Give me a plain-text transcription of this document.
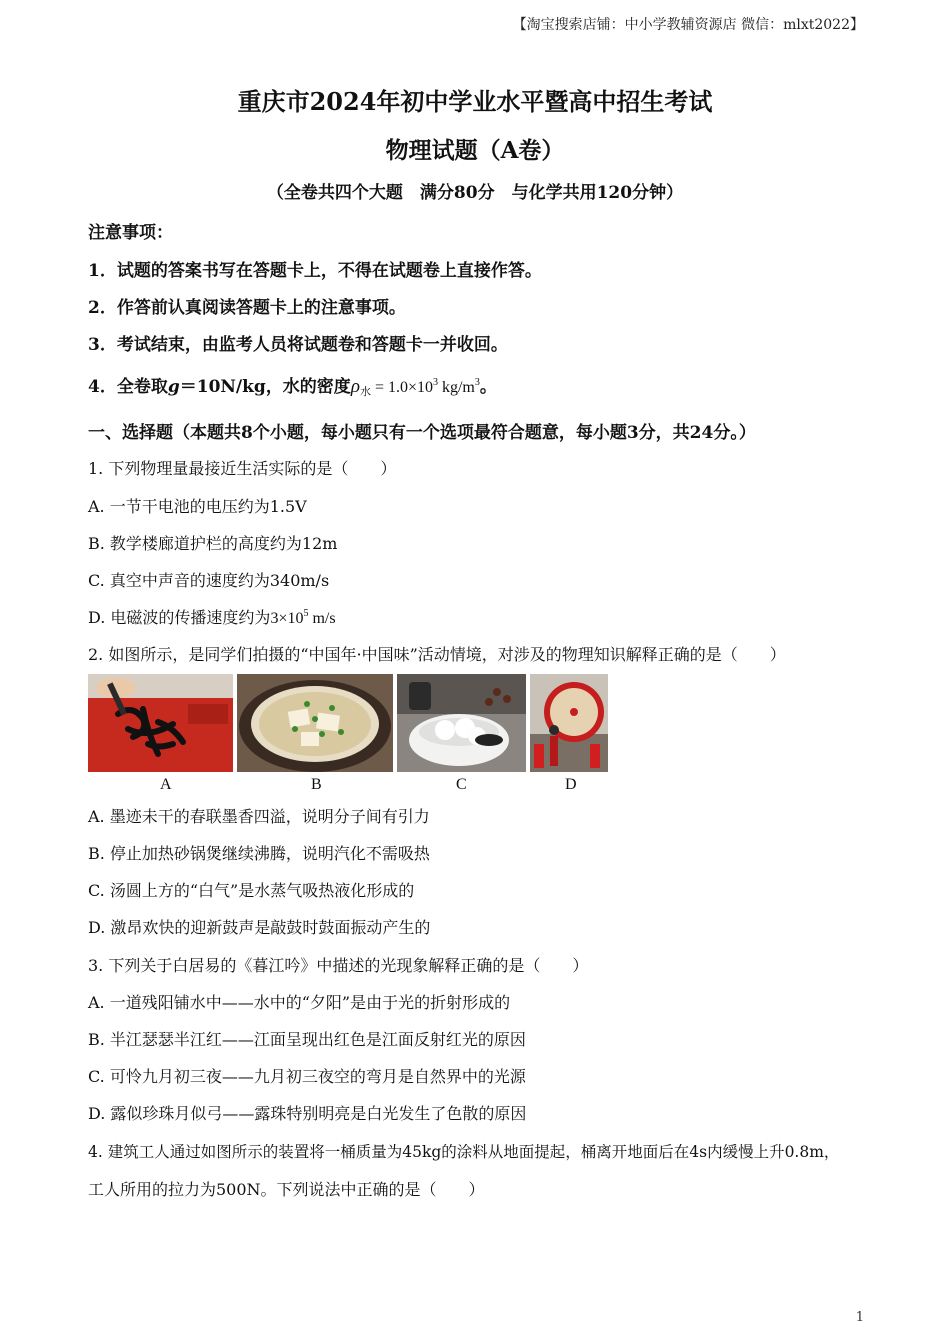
【淘宝搜索店铺：中小学教辅资源店 微信：mlxt2022】
重庆市2024年初中学业水平暨高中招生考试
物理试题（A卷）
（全卷共四个大题　满分80分　与化学共用120分钟）
注意事项：
1．试题的答案书写在答题卡上，不得在试题卷上直接作答。
2．作答前认真阅读答题卡上的注意事项。
3．考试结束，由监考人员将试题卷和答题卡一并收回。
4．全卷取g＝10N/kg，水的密度$\rho_水 = 1.0\times 10^3$ $kg/m^3$。
一、选择题（本题共8个小题，每小题只有一个选项最符合题意，每小题3分，共24分。）
1. 下列物理量最接近生活实际的是（　　）
A. 一节干电池的电压约为1.5V
B. 教学楼廊道护栏的高度约为12m
C. 真空中声音的速度约为340m/s
D. 电磁波的传播速度约为$3\times 10^5$ m/s
2. 如图所示，是同学们拍摄的“中国年·中国味”活动情境，对涉及的物理知识解释正确的是（　　）
A	B	C	D
A. 墨迹未干的春联墨香四溢，说明分子间有引力
B. 停止加热砂锅煲继续沸腾，说明汽化不需吸热
C. 汤圆上方的“白气”是水蒸气吸热液化形成的
D. 激昂欢快的迎新鼓声是敲鼓时鼓面振动产生的
3. 下列关于白居易的《暮江吟》中描述的光现象解释正确的是（　　）
A. 一道残阳铺水中——水中的“夕阳”是由于光的折射形成的
B. 半江瑟瑟半江红——江面呈现出红色是江面反射红光的原因
C. 可怜九月初三夜——九月初三夜空的弯月是自然界中的光源
D. 露似珍珠月似弓——露珠特别明亮是白光发生了色散的原因
4. 建筑工人通过如图所示的装置将一桶质量为45kg的涂料从地面提起，桶离开地面后在4s内缓慢上升0.8m，
工人所用的拉力为500N。下列说法中正确的是（　　）
1
